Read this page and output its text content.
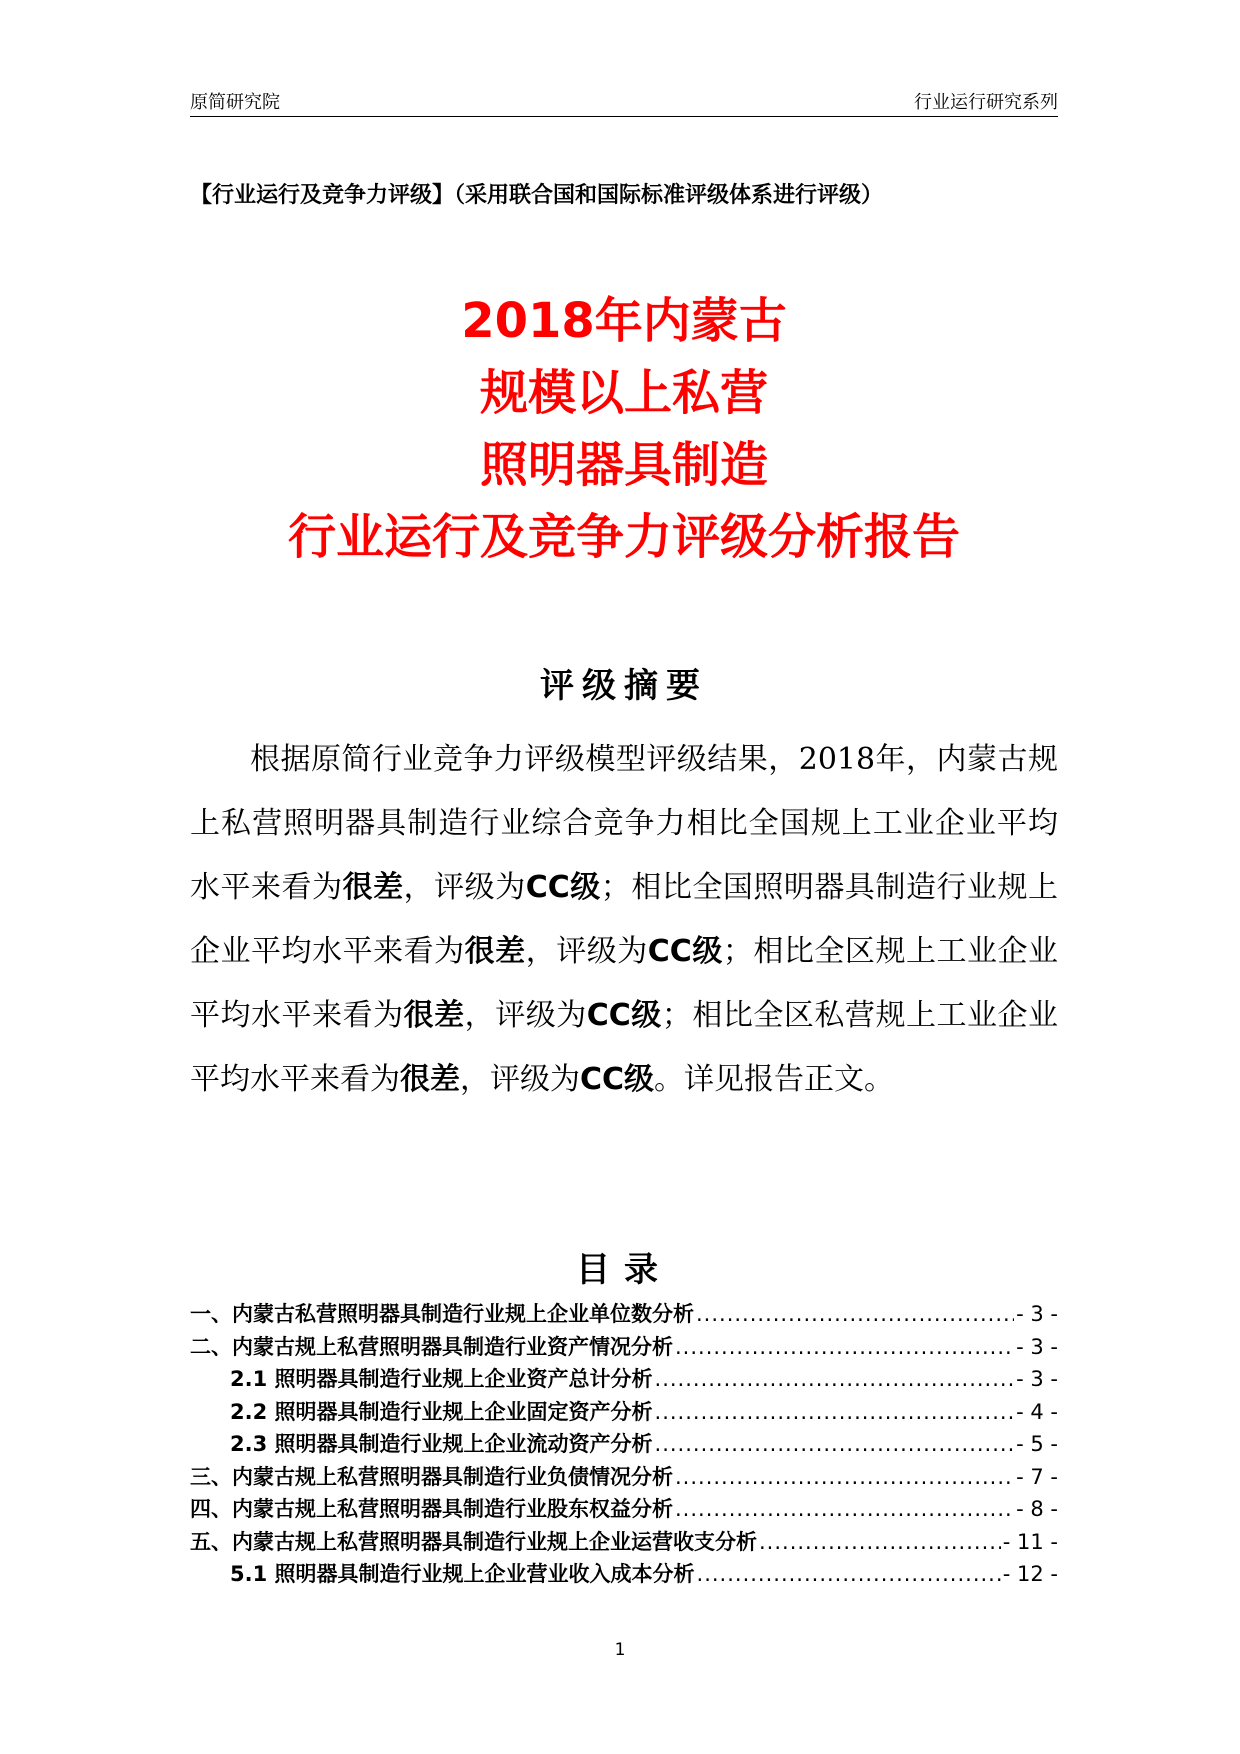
原简研究院	行业运行研究系列
【行业运行及竞争力评级】（采用联合国和国际标准评级体系进行评级）
2018年内蒙古
规模以上私营
照明器具制造
行业运行及竞争力评级分析报告
评级摘要

根据原简行业竞争力评级模型评级结果，2018年，内蒙古规上私营照明器具制造行业综合竞争力相比全国规上工业企业平均水平来看为很差，评级为CC级；相比全国照明器具制造行业规上企业平均水平来看为很差，评级为CC级；相比全区规上工业企业平均水平来看为很差，评级为CC级；相比全区私营规上工业企业平均水平来看为很差，评级为CC级。详见报告正文。

目录
一、内蒙古私营照明器具制造行业规上企业单位数分析 .....	- 3 -
二、内蒙古规上私营照明器具制造行业资产情况分析 .....	- 3 -
2.1 照明器具制造行业规上企业资产总计分析 .....	- 3 -
2.2 照明器具制造行业规上企业固定资产分析 .....	- 4 -
2.3 照明器具制造行业规上企业流动资产分析 .....	- 5 -
三、内蒙古规上私营照明器具制造行业负债情况分析 .....	- 7 -
四、内蒙古规上私营照明器具制造行业股东权益分析 .....	- 8 -
五、内蒙古规上私营照明器具制造行业规上企业运营收支分析 .....	- 11 -
5.1 照明器具制造行业规上企业营业收入成本分析 .....	- 12 -
1
